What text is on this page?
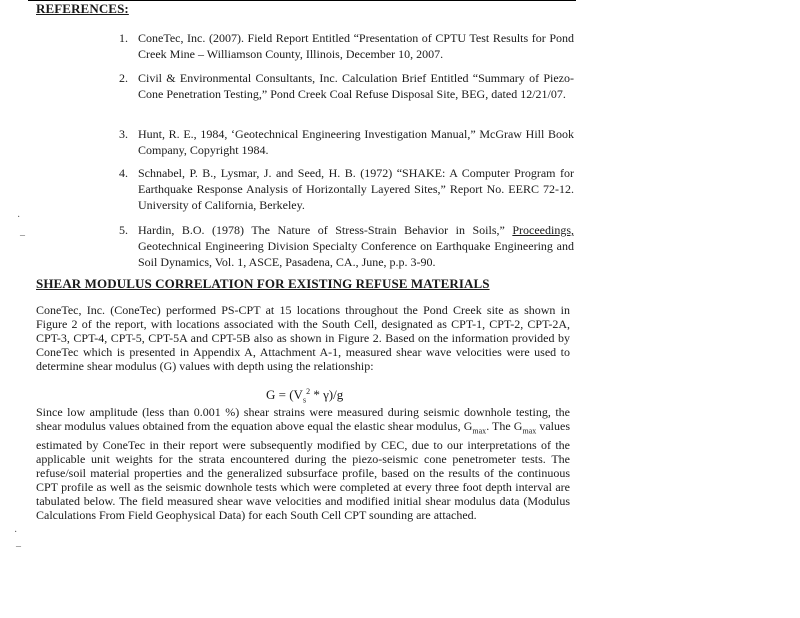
REFERENCES:
1. ConeTec, Inc. (2007). Field Report Entitled “Presentation of CPTU Test Results for Pond Creek Mine – Williamson County, Illinois, December 10, 2007.
2. Civil & Environmental Consultants, Inc. Calculation Brief Entitled “Summary of Piezo-Cone Penetration Testing,” Pond Creek Coal Refuse Disposal Site, BEG, dated 12/21/07.
3. Hunt, R. E., 1984, ‘Geotechnical Engineering Investigation Manual,” McGraw Hill Book Company, Copyright 1984.
4. Schnabel, P. B., Lysmar, J. and Seed, H. B. (1972) “SHAKE: A Computer Program for Earthquake Response Analysis of Horizontally Layered Sites,” Report No. EERC 72-12. University of California, Berkeley.
5. Hardin, B.O. (1978) The Nature of Stress-Strain Behavior in Soils,” Proceedings, Geotechnical Engineering Division Specialty Conference on Earthquake Engineering and Soil Dynamics, Vol. 1, ASCE, Pasadena, CA., June, p.p. 3-90.
SHEAR MODULUS CORRELATION FOR EXISTING REFUSE MATERIALS
ConeTec, Inc. (ConeTec) performed PS-CPT at 15 locations throughout the Pond Creek site as shown in Figure 2 of the report, with locations associated with the South Cell, designated as CPT-1, CPT-2, CPT-2A, CPT-3, CPT-4, CPT-5, CPT-5A and CPT-5B also as shown in Figure 2. Based on the information provided by ConeTec which is presented in Appendix A, Attachment A-1, measured shear wave velocities were used to determine shear modulus (G) values with depth using the relationship:
$G = (V_s^2 * \gamma)/g$
Since low amplitude (less than 0.001 %) shear strains were measured during seismic downhole testing, the shear modulus values obtained from the equation above equal the elastic shear modulus, $G_{max}$. The $G_{max}$ values estimated by ConeTec in their report were subsequently modified by CEC, due to our interpretations of the applicable unit weights for the strata encountered during the piezo-seismic cone penetrometer tests. The refuse/soil material properties and the generalized subsurface profile, based on the results of the continuous CPT profile as well as the seismic downhole tests which were completed at every three foot depth interval are tabulated below. The field measured shear wave velocities and modified initial shear modulus data (Modulus Calculations From Field Geophysical Data) for each South Cell CPT sounding are attached.
·
–
·
–
